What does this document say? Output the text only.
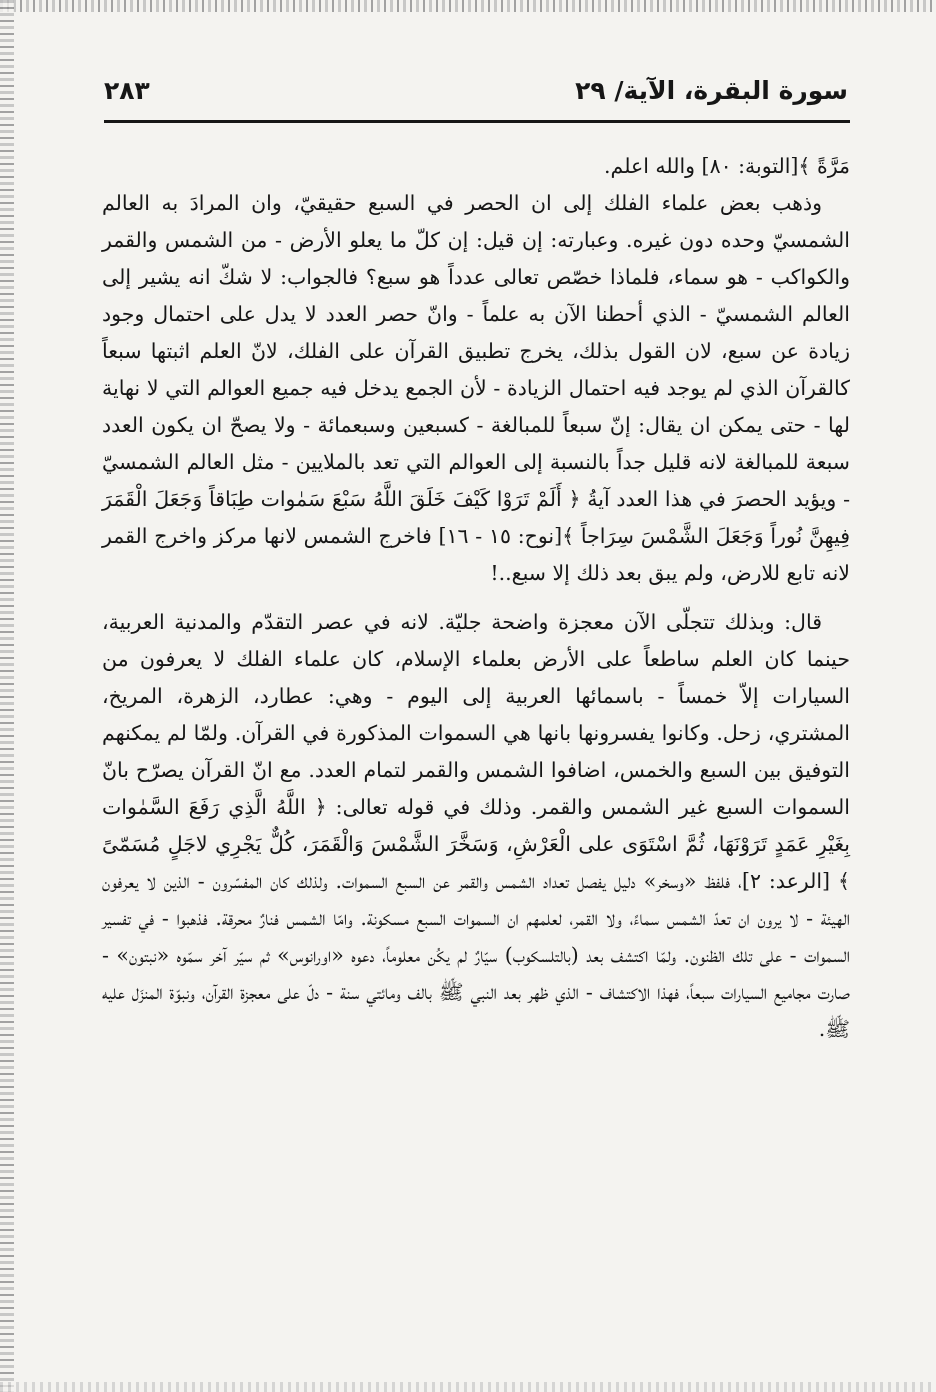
سورة البقرة، الآية/ ٢٩
٢٨٣

مَرَّةً ﴾[التوبة: ٨٠] والله اعلم.

وذهب بعض علماء الفلك إلى ان الحصر في السبع حقيقيّ، وان المرادَ به العالم الشمسيّ وحده دون غيره. وعبارته: إن قيل: إن كلّ ما يعلو الأرض - من الشمس والقمر والكواكب - هو سماء، فلماذا خصّص تعالى عدداً هو سبع؟ فالجواب: لا شكّ انه يشير إلى العالم الشمسيّ - الذي أحطنا الآن به علماً - وانّ حصر العدد لا يدل على احتمال وجود زيادة عن سبع، لان القول بذلك، يخرج تطبيق القرآن على الفلك، لانّ العلم اثبتها سبعاً كالقرآن الذي لم يوجد فيه احتمال الزيادة - لأن الجمع يدخل فيه جميع العوالم التي لا نهاية لها - حتى يمكن ان يقال: إنّ سبعاً للمبالغة - كسبعين وسبعمائة - ولا يصحّ ان يكون العدد سبعة للمبالغة لانه قليل جداً بالنسبة إلى العوالم التي تعد بالملايين - مثل العالم الشمسيّ - ويؤيد الحصرَ في هذا العدد آيةُ ﴿ أَلَمْ تَرَوْا كَيْفَ خَلَقَ اللَّهُ سَبْعَ سَمٰوات طِبَاقاً وَجَعَلَ الْقَمَرَ فِيهِنَّ نُوراً وَجَعَلَ الشَّمْسَ سِرَاجاً ﴾[نوح: ١٥ - ١٦] فاخرج الشمس لانها مركز واخرج القمر لانه تابع للارض، ولم يبق بعد ذلك إلا سبع..!

قال: وبذلك تتجلّى الآن معجزة واضحة جليّة. لانه في عصر التقدّم والمدنية العربية، حينما كان العلم ساطعاً على الأرض بعلماء الإسلام، كان علماء الفلك لا يعرفون من السيارات إلاّ خمساً - باسمائها العربية إلى اليوم - وهي: عطارد، الزهرة، المريخ، المشتري، زحل. وكانوا يفسرونها بانها هي السموات المذكورة في القرآن. ولمّا لم يمكنهم التوفيق بين السبع والخمس، اضافوا الشمس والقمر لتمام العدد. مع انّ القرآن يصرّح بانّ السموات السبع غير الشمس والقمر. وذلك في قوله تعالى: ﴿ اللَّهُ الَّذِي رَفَعَ السَّمٰوات بِغَيْرِ عَمَدٍ تَرَوْنَهَا، ثُمَّ اسْتَوَى على الْعَرْشِ، وَسَخَّرَ الشَّمْسَ وَالْقَمَرَ، كُلٌّ يَجْرِي لاجَلٍ مُسَمّىً ﴾ [الرعد: ٢]، فلفظ «وسخر» دليل يفصل تعداد الشمس والقمر عن السبع السموات. ولذلك كان المفسّرون - الذين لا يعرفون الهيئة - لا يرون ان تعدّ الشمس سماءً، ولا القمر، لعلمهم ان السموات السبع مسكونة. وامّا الشمس فنارٌ محرقة. فذهبوا - في تفسير السموات - على تلك الظنون. ولمّا اكتشف بعد (بالتلسكوب) سيّارٌ لم يكُن معلوماً، دعوه «اورانوس» ثم سيّر آخر سمّوه «نبتون» - صارت مجاميع السيارات سبعاً، فهذا الاكتشاف - الذي ظهر بعد النبي ﷺ بالف ومائتي سنة - دلّ على معجزة القرآن، ونبوّة المنزَل عليه ﷺ.
